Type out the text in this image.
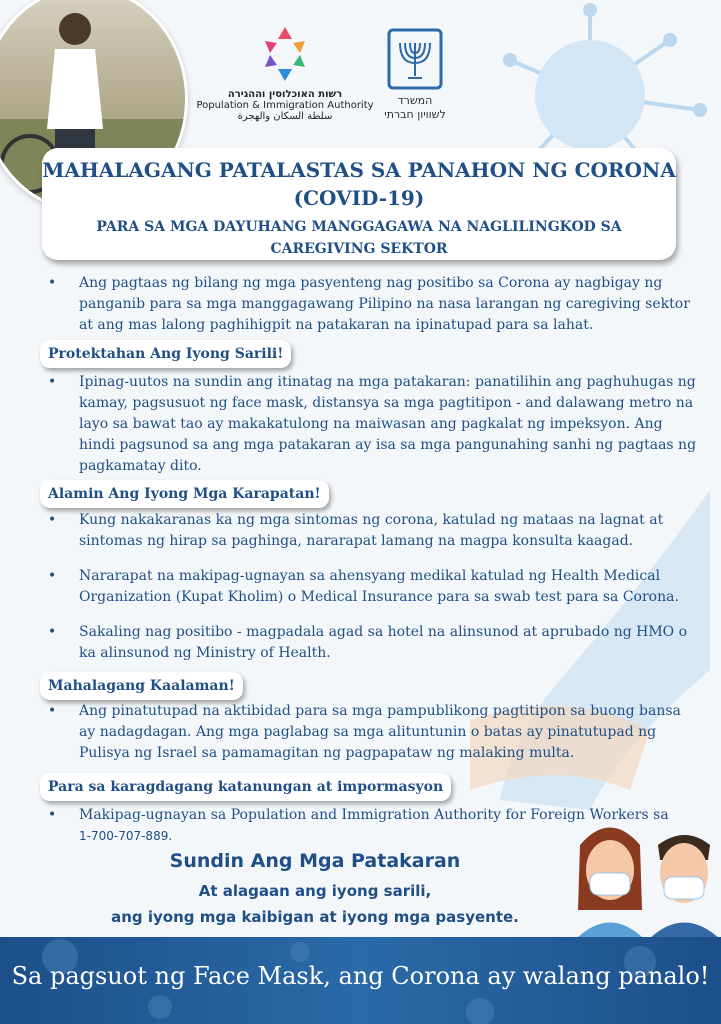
רשות האוכלוסין וההגירה
Population & Immigration Authority
سلطة السكان والهجرة
המשרד
לשוויון חברתי
MAHALAGANG PATALASTAS SA PANAHON NG CORONA
(COVID-19)
PARA SA MGA DAYUHANG MANGGAGAWA NA NAGLILINGKOD SA
CAREGIVING SEKTOR
• Ang pagtaas ng bilang ng mga pasyenteng nag positibo sa Corona ay nagbigay ng panganib para sa mga manggagawang Pilipino na nasa larangan ng caregiving sektor at ang mas lalong paghihigpit na patakaran na ipinatupad para sa lahat.
Protektahan Ang Iyong Sarili!
• Ipinag-uutos na sundin ang itinatag na mga patakaran: panatilihin ang paghuhugas ng kamay, pagsusuot ng face mask, distansya sa mga pagtitipon - and dalawang metro na layo sa bawat tao ay makakatulong na maiwasan ang pagkalat ng impeksyon. Ang hindi pagsunod sa ang mga patakaran ay isa sa mga pangunahing sanhi ng pagtaas ng pagkamatay dito.
Alamin Ang Iyong Mga Karapatan!
• Kung nakakaranas ka ng mga sintomas ng corona, katulad ng mataas na lagnat at sintomas ng hirap sa paghinga, nararapat lamang na magpa konsulta kaagad.
• Nararapat na makipag-ugnayan sa ahensyang medikal katulad ng Health Medical Organization (Kupat Kholim) o Medical Insurance para sa swab test para sa Corona.
• Sakaling nag positibo - magpadala agad sa hotel na alinsunod at aprubado ng HMO o ka alinsunod ng Ministry of Health.
Mahalagang Kaalaman!
• Ang pinatutupad na aktibidad para sa mga pampublikong pagtitipon sa buong bansa ay nadagdagan. Ang mga paglabag sa mga alituntunin o batas ay pinatutupad ng Pulisya ng Israel sa pamamagitan ng pagpapataw ng malaking multa.
Para sa karagdagang katanungan at impormasyon
• Makipag-ugnayan sa Population and Immigration Authority for Foreign Workers sa
1-700-707-889.
Sundin Ang Mga Patakaran
At alagaan ang iyong sarili,
ang iyong mga kaibigan at iyong mga pasyente.
Sa pagsuot ng Face Mask, ang Corona ay walang panalo!
